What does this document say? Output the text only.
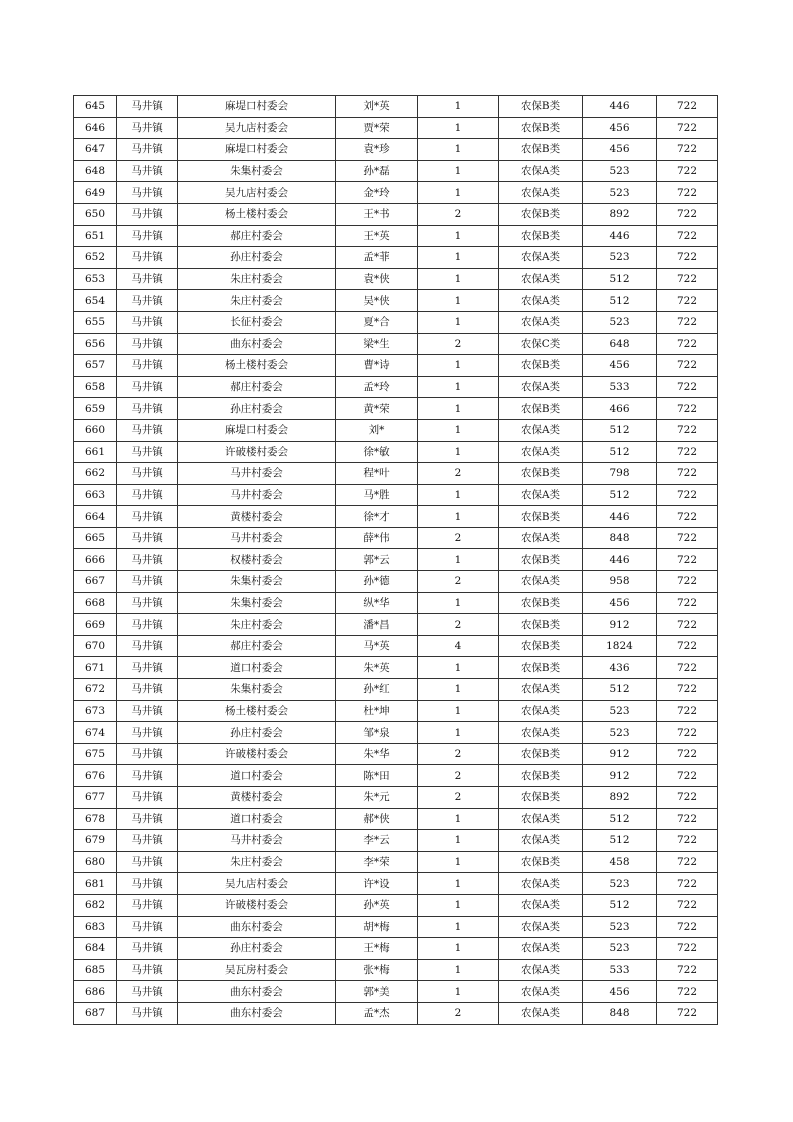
645	马井镇	麻堤口村委会	刘*英	1	农保B类	446	722
646	马井镇	吴九店村委会	贾*荣	1	农保B类	456	722
647	马井镇	麻堤口村委会	袁*珍	1	农保B类	456	722
648	马井镇	朱集村委会	孙*磊	1	农保A类	523	722
649	马井镇	吴九店村委会	金*玲	1	农保A类	523	722
650	马井镇	杨土楼村委会	王*书	2	农保B类	892	722
651	马井镇	郝庄村委会	王*英	1	农保B类	446	722
652	马井镇	孙庄村委会	孟*菲	1	农保A类	523	722
653	马井镇	朱庄村委会	袁*侠	1	农保A类	512	722
654	马井镇	朱庄村委会	吴*侠	1	农保A类	512	722
655	马井镇	长征村委会	夏*合	1	农保A类	523	722
656	马井镇	曲东村委会	梁*生	2	农保C类	648	722
657	马井镇	杨土楼村委会	曹*诗	1	农保B类	456	722
658	马井镇	郝庄村委会	孟*玲	1	农保A类	533	722
659	马井镇	孙庄村委会	黄*荣	1	农保B类	466	722
660	马井镇	麻堤口村委会	刘*	1	农保A类	512	722
661	马井镇	许破楼村委会	徐*敏	1	农保A类	512	722
662	马井镇	马井村委会	程*叶	2	农保B类	798	722
663	马井镇	马井村委会	马*胜	1	农保A类	512	722
664	马井镇	黄楼村委会	徐*才	1	农保B类	446	722
665	马井镇	马井村委会	薛*伟	2	农保A类	848	722
666	马井镇	权楼村委会	郭*云	1	农保B类	446	722
667	马井镇	朱集村委会	孙*德	2	农保A类	958	722
668	马井镇	朱集村委会	纵*华	1	农保B类	456	722
669	马井镇	朱庄村委会	潘*昌	2	农保B类	912	722
670	马井镇	郝庄村委会	马*英	4	农保B类	1824	722
671	马井镇	道口村委会	朱*英	1	农保B类	436	722
672	马井镇	朱集村委会	孙*红	1	农保A类	512	722
673	马井镇	杨土楼村委会	杜*坤	1	农保A类	523	722
674	马井镇	孙庄村委会	邹*泉	1	农保A类	523	722
675	马井镇	许破楼村委会	朱*华	2	农保B类	912	722
676	马井镇	道口村委会	陈*田	2	农保B类	912	722
677	马井镇	黄楼村委会	朱*元	2	农保B类	892	722
678	马井镇	道口村委会	郝*侠	1	农保A类	512	722
679	马井镇	马井村委会	李*云	1	农保A类	512	722
680	马井镇	朱庄村委会	李*荣	1	农保B类	458	722
681	马井镇	吴九店村委会	许*设	1	农保A类	523	722
682	马井镇	许破楼村委会	孙*英	1	农保A类	512	722
683	马井镇	曲东村委会	胡*梅	1	农保A类	523	722
684	马井镇	孙庄村委会	王*梅	1	农保A类	523	722
685	马井镇	吴瓦房村委会	张*梅	1	农保A类	533	722
686	马井镇	曲东村委会	郭*美	1	农保A类	456	722
687	马井镇	曲东村委会	孟*杰	2	农保A类	848	722
